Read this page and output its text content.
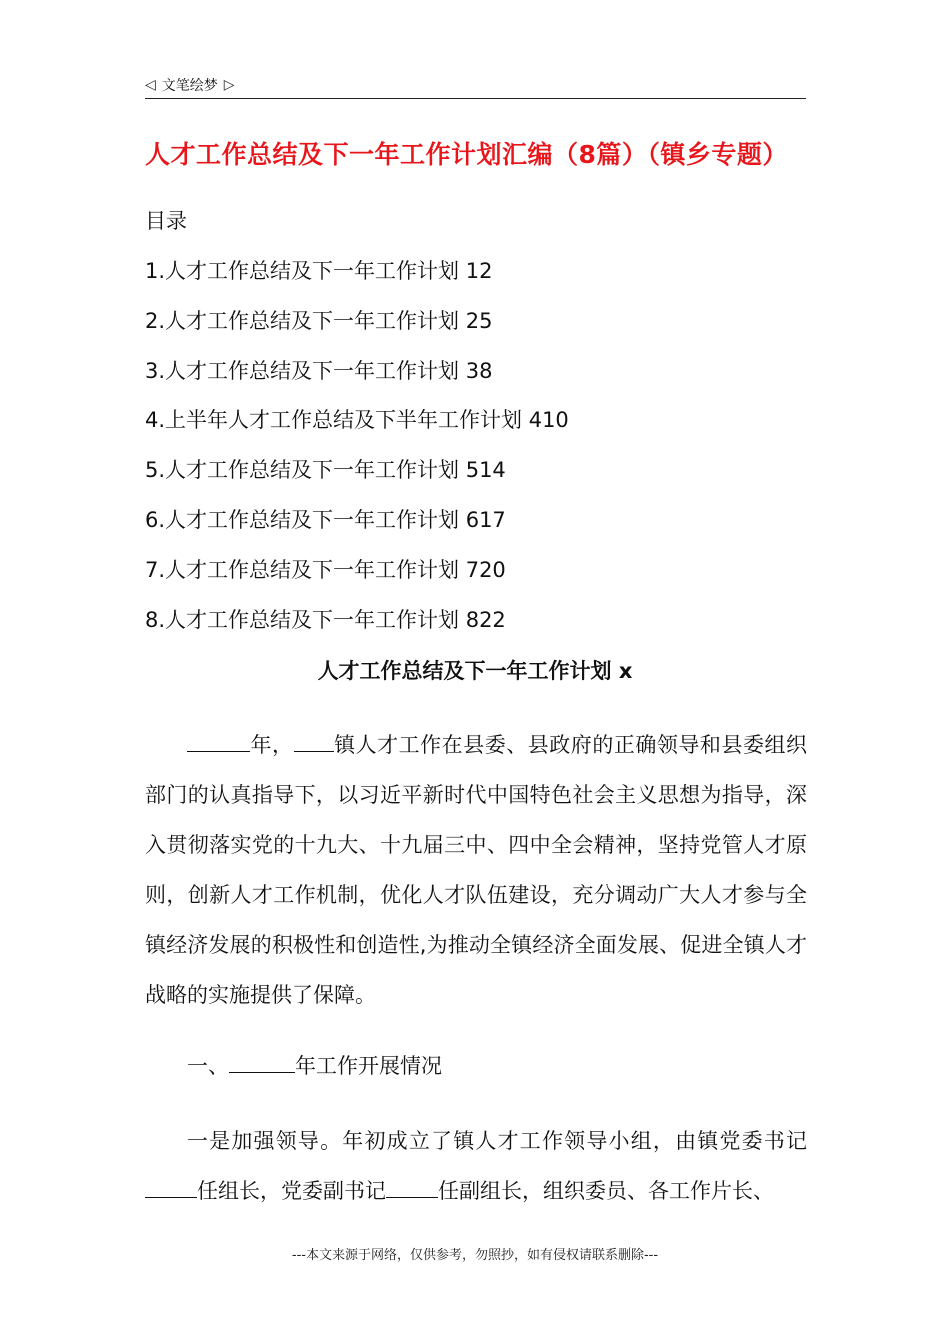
◁ 文笔绘梦 ▷
人才工作总结及下一年工作计划汇编（8篇）（镇乡专题）
目录
1.人才工作总结及下一年工作计划 12
2.人才工作总结及下一年工作计划 25
3.人才工作总结及下一年工作计划 38
4.上半年人才工作总结及下半年工作计划 410
5.人才工作总结及下一年工作计划 514
6.人才工作总结及下一年工作计划 617
7.人才工作总结及下一年工作计划 720
8.人才工作总结及下一年工作计划 822
人才工作总结及下一年工作计划 x

年， 镇人才工作在县委、县政府的正确领导和县委组织部门的认真指导下，以习近平新时代中国特色社会主义思想为指导，深入贯彻落实党的十九大、十九届三中、四中全会精神，坚持党管人才原则，创新人才工作机制，优化人才队伍建设，充分调动广大人才参与全镇经济发展的积极性和创造性,为推动全镇经济全面发展、促进全镇人才战略的实施提供了保障。

一、	年工作开展情况

一是加强领导。年初成立了镇人才工作领导小组，由镇党委书记任组长，党委副书记 任副组长，组织委员、各工作片长、

---本文来源于网络，仅供参考，勿照抄，如有侵权请联系删除---
